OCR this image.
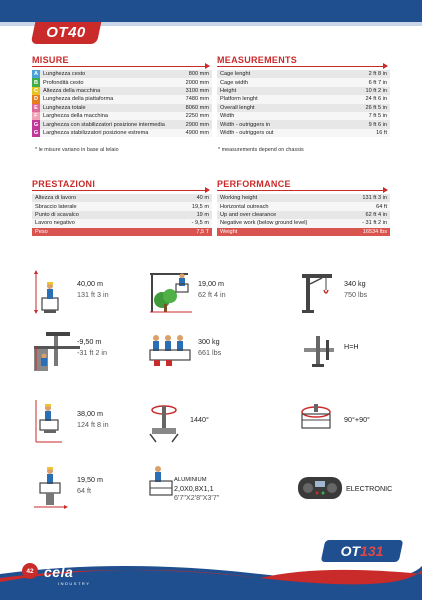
OT40
MISURE
A Lunghezza cesto	800 mm
B Profondità cesto	2000 mm
C Altezza della macchina	3100 mm
D Lunghezza della piattaforma	7480 mm
E Lunghezza totale	8060 mm
F Larghezza della macchina	2250 mm
G Larghezza con stabilizzatori posizione intermedia	2900 mm
G Larghezza stabilizzatori posizione estrema	4900 mm
* le misure variano in base al telaio
MEASUREMENTS
Cage lenght	2 ft 8 in
Cage width	6 ft 7 in
Height	10 ft 2 in
Platform lenght	24 ft 6 in
Overall lenght	26 ft 5 in
Width	7 ft 5 in
Width - outriggers in	9 ft 6 in
Width - outriggers out	16 ft
* measurements depend on chassis
PRESTAZIONI
Altezza di lavoro	40 m
Sbraccio laterale	19,5 m
Punto di scavalco	19 m
Lavoro negativo	- 9,5 m
Peso	7,5 T
PERFORMANCE
Working height	131 ft 3 in
Horizontal outreach	64 ft
Up and over clearance	62 ft 4 in
Negative work (below ground level)	- 31 ft 2 in
Weight	16534 lbs
40,00 m
131 ft 3 in
19,00 m
62 ft 4 in
340 kg
750 lbs
-9,50 m
-31 ft 2 in
300 kg
661 lbs
H=H
38,00 m
124 ft 8 in
1440°	90°+90°
19,50 m
64 ft
ALUMINIUM
2,0X0,8X1,1
6'7"X2'8"X3'7"
ELECTRONIC
OT131
42 cela
INDUSTRY
